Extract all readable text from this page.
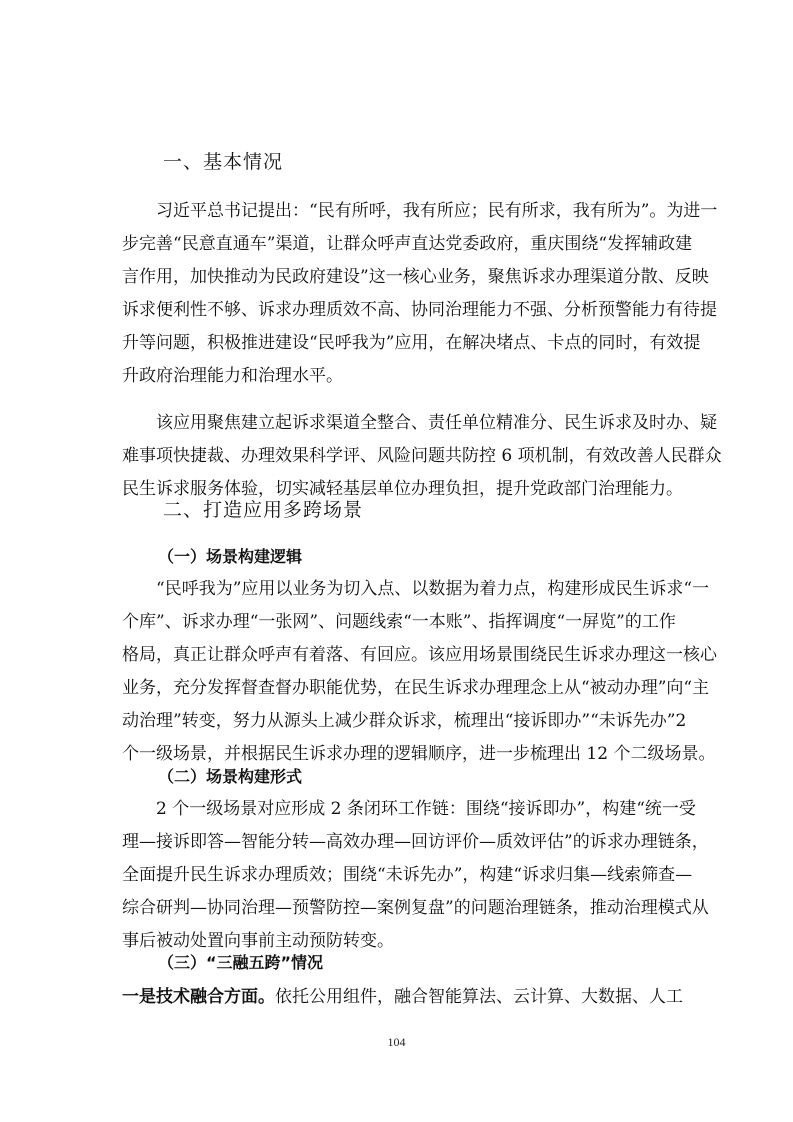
一、基本情况
习近平总书记提出：“民有所呼，我有所应；民有所求，我有所为”。为进一
步完善“民意直通车”渠道，让群众呼声直达党委政府，重庆围绕“发挥辅政建
言作用，加快推动为民政府建设”这一核心业务，聚焦诉求办理渠道分散、反映
诉求便利性不够、诉求办理质效不高、协同治理能力不强、分析预警能力有待提
升等问题，积极推进建设“民呼我为”应用，在解决堵点、卡点的同时，有效提
升政府治理能力和治理水平。
该应用聚焦建立起诉求渠道全整合、责任单位精准分、民生诉求及时办、疑
难事项快捷裁、办理效果科学评、风险问题共防控 6 项机制，有效改善人民群众
民生诉求服务体验，切实减轻基层单位办理负担，提升党政部门治理能力。
二、打造应用多跨场景
（一）场景构建逻辑
“民呼我为”应用以业务为切入点、以数据为着力点，构建形成民生诉求“一
个库”、诉求办理“一张网”、问题线索“一本账”、指挥调度“一屏览”的工作
格局，真正让群众呼声有着落、有回应。该应用场景围绕民生诉求办理这一核心
业务，充分发挥督查督办职能优势，在民生诉求办理理念上从“被动办理”向“主
动治理”转变，努力从源头上减少群众诉求，梳理出“接诉即办”“未诉先办”2
个一级场景，并根据民生诉求办理的逻辑顺序，进一步梳理出 12 个二级场景。
（二）场景构建形式
2 个一级场景对应形成 2 条闭环工作链：围绕“接诉即办”，构建“统一受
理—接诉即答—智能分转—高效办理—回访评价—质效评估”的诉求办理链条，
全面提升民生诉求办理质效；围绕“未诉先办”，构建“诉求归集—线索筛查—
综合研判—协同治理—预警防控—案例复盘”的问题治理链条，推动治理模式从
事后被动处置向事前主动预防转变。
（三）“三融五跨”情况
一是技术融合方面。依托公用组件，融合智能算法、云计算、大数据、人工
104
